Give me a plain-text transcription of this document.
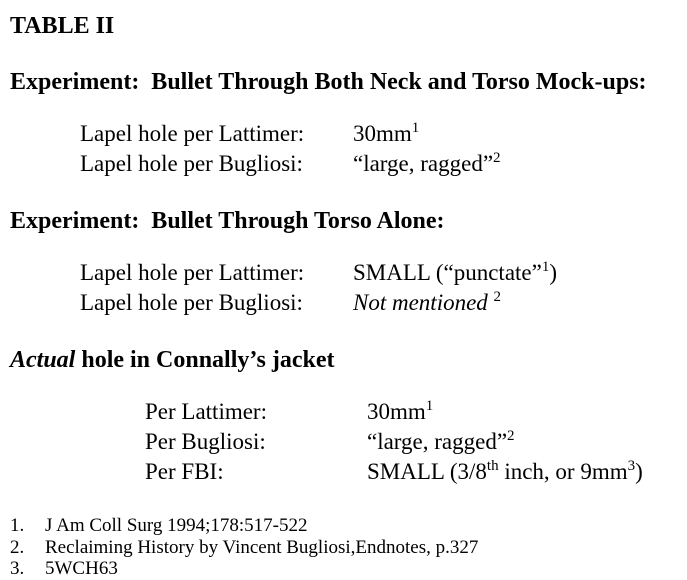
TABLE II
Experiment:  Bullet Through Both Neck and Torso Mock-ups:
Lapel hole per Lattimer:	$30mm^1$
Lapel hole per Bugliosi:	“large, ragged”$^2$
Experiment:  Bullet Through Torso Alone:
Lapel hole per Lattimer:	SMALL (“punctate”$^1$)
Lapel hole per Bugliosi:	Not mentioned $^2$
Actual hole in Connally’s jacket
Per Lattimer:	$30mm^1$
Per Bugliosi:	“large, ragged”$^2$
Per FBI:	SMALL (3/8th inch, or $9mm^3$)
1.	J Am Coll Surg 1994;178:517-522
2.	Reclaiming History by Vincent Bugliosi,Endnotes, p.327
3.	5WCH63
